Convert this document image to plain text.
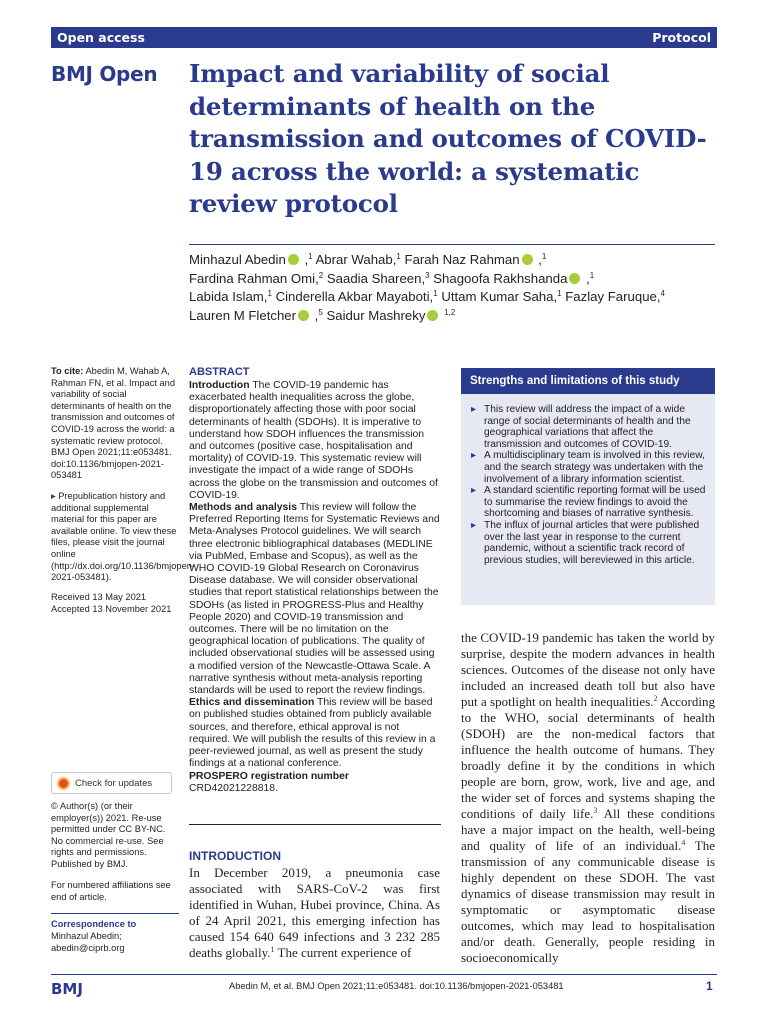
Open access	Protocol
BMJ Open Impact and variability of social determinants of health on the transmission and outcomes of COVID-19 across the world: a systematic review protocol
Minhazul Abedin ,$^1$ Abrar Wahab,$^1$ Farah Naz Rahman ,$^1$
Fardina Rahman Omi,$^2$ Saadia Shareen,$^3$ Shagoofa Rakhshanda ,$^1$
Labida Islam,$^1$ Cinderella Akbar Mayaboti,$^1$ Uttam Kumar Saha,$^1$ Fazlay Faruque,$^4$
Lauren M Fletcher ,$^5$ Saidur Mashreky $^{1,2}$
To cite: Abedin M, Wahab A, Rahman FN, et al. Impact and variability of social determinants of health on the transmission and outcomes of COVID-19 across the world: a systematic review protocol. BMJ Open 2021;11:e053481. doi:10.1136/bmjopen-2021-053481
▸ Prepublication history and additional supplemental material for this paper are available online. To view these files, please visit the journal online (http://dx.doi.org/10.1136/bmjopen-2021-053481).
Received 13 May 2021
Accepted 13 November 2021
Check for updates
© Author(s) (or their employer(s)) 2021. Re-use permitted under CC BY-NC. No commercial re-use. See rights and permissions. Published by BMJ.
For numbered affiliations see end of article.
Correspondence to
Minhazul Abedin;
abedin@ciprb.org
ABSTRACT
Introduction The COVID-19 pandemic has exacerbated health inequalities across the globe, disproportionately affecting those with poor social determinants of health (SDOHs). It is imperative to understand how SDOH influences the transmission and outcomes (positive case, hospitalisation and mortality) of COVID-19. This systematic review will investigate the impact of a wide range of SDOHs across the globe on the transmission and outcomes of COVID-19.
Methods and analysis This review will follow the Preferred Reporting Items for Systematic Reviews and Meta-Analyses Protocol guidelines. We will search three electronic bibliographical databases (MEDLINE via PubMed, Embase and Scopus), as well as the WHO COVID-19 Global Research on Coronavirus Disease database. We will consider observational studies that report statistical relationships between the SDOHs (as listed in PROGRESS-Plus and Healthy People 2020) and COVID-19 transmission and outcomes. There will be no limitation on the geographical location of publications. The quality of included observational studies will be assessed using a modified version of the Newcastle-Ottawa Scale. A narrative synthesis without meta-analysis reporting standards will be used to report the review findings.
Ethics and dissemination This review will be based on published studies obtained from publicly available sources, and therefore, ethical approval is not required. We will publish the results of this review in a peer-reviewed journal, as well as present the study findings at a national conference.
PROSPERO registration number CRD42021228818.
Strengths and limitations of this study
▸ This review will address the impact of a wide range of social determinants of health and the geographical variations that affect the transmission and outcomes of COVID-19.
▸ A multidisciplinary team is involved in this review, and the search strategy was undertaken with the involvement of a library information scientist.
▸ A standard scientific reporting format will be used to summarise the review findings to avoid the shortcoming and biases of narrative synthesis.
▸ The influx of journal articles that were published over the last year in response to the current pandemic, without a scientific track record of previous studies, will bereviewed in this article.
INTRODUCTION

In December 2019, a pneumonia case associated with SARS-CoV-2 was first identified in Wuhan, Hubei province, China. As of 24 April 2021, this emerging infection has caused 154 640 649 infections and 3 232 285 deaths globally.$^1$ The current experience of

the COVID-19 pandemic has taken the world by surprise, despite the modern advances in health sciences. Outcomes of the disease not only have included an increased death toll but also have put a spotlight on health inequalities.$^2$ According to the WHO, social determinants of health (SDOH) are the non-medical factors that influence the health outcome of humans. They broadly define it by the conditions in which people are born, grow, work, live and age, and the wider set of forces and systems shaping the conditions of daily life.$^3$ All these conditions have a major impact on the health, well-being and quality of life of an individual.$^4$ The transmission of any communicable disease is highly dependent on these SDOH. The vast dynamics of disease transmission may result in symptomatic or asymptomatic disease outcomes, which may lead to hospitalisation and/or death. Generally, people residing in socioeconomically

BMJ	Abedin M, et al. BMJ Open 2021;11:e053481. doi:10.1136/bmjopen-2021-053481	1
